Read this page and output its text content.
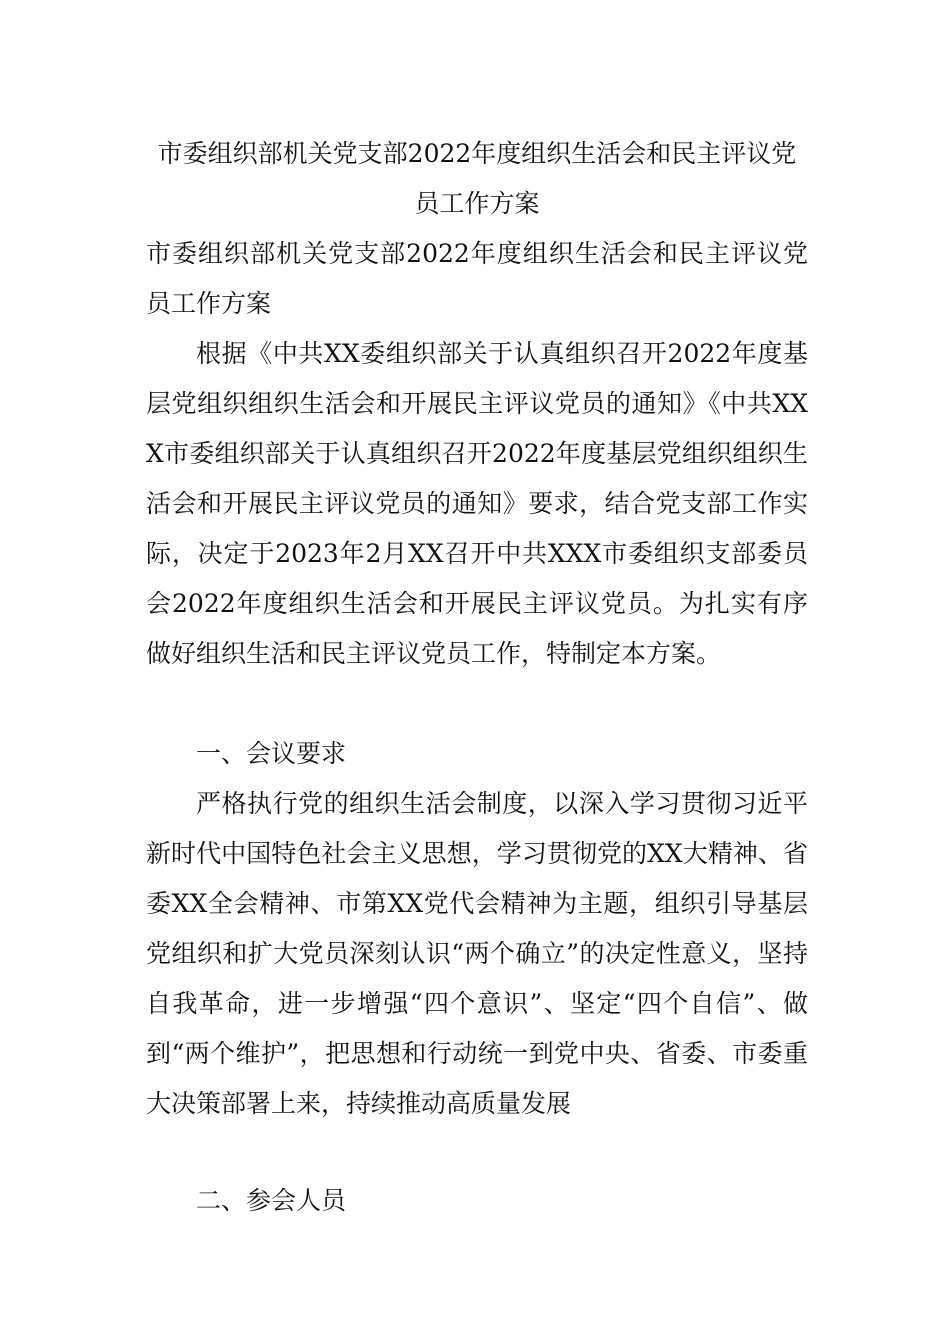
市委组织部机关党支部2022年度组织生活会和民主评议党员工作方案

市委组织部机关党支部2022年度组织生活会和民主评议党员工作方案

根据《中共XX委组织部关于认真组织召开2022年度基层党组织组织生活会和开展民主评议党员的通知》《中共XXX市委组织部关于认真组织召开2022年度基层党组织组织生活会和开展民主评议党员的通知》要求，结合党支部工作实际，决定于2023年2月XX召开中共XXX市委组织支部委员会2022年度组织生活会和开展民主评议党员。为扎实有序做好组织生活和民主评议党员工作，特制定本方案。

一、会议要求

严格执行党的组织生活会制度，以深入学习贯彻习近平新时代中国特色社会主义思想，学习贯彻党的XX大精神、省委XX全会精神、市第XX党代会精神为主题，组织引导基层党组织和扩大党员深刻认识“两个确立”的决定性意义，坚持自我革命，进一步增强“四个意识”、坚定“四个自信”、做到“两个维护”，把思想和行动统一到党中央、省委、市委重大决策部署上来，持续推动高质量发展

二、参会人员
